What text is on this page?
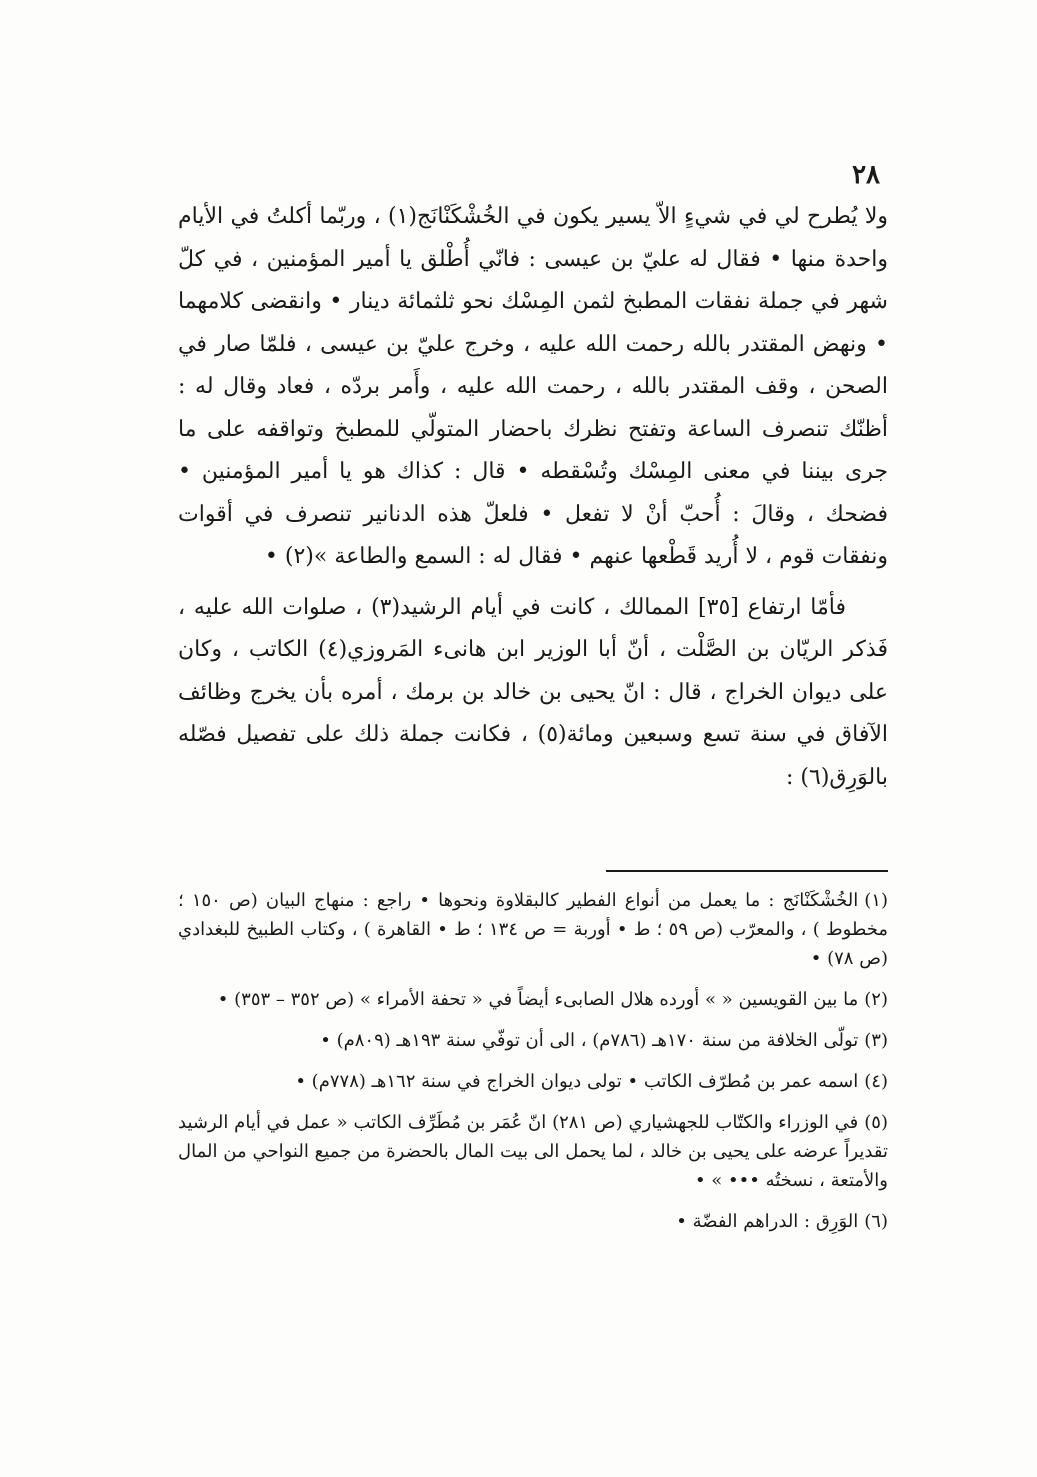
٢٨

ولا يُطرح لي في شيءٍ الاّ يسير يكون في الخُشْكَنْانَج(١) ، وربّما أكلتُ في الأيام واحدة منها • فقال له عليّ بن عيسى : فانّي أُطْلق يا أمير المؤمنين ، في كلّ شهر في جملة نفقات المطبخ لثمن المِسْك نحو ثلثمائة دينار • وانقضى كلامهما • ونهض المقتدر بالله رحمت الله عليه ، وخرج عليّ بن عيسى ، فلمّا صار في الصحن ، وقف المقتدر بالله ، رحمت الله عليه ، وأَمر بردّه ، فعاد وقال له : أظنّك تنصرف الساعة وتفتح نظرك باحضار المتولّي للمطبخ وتواقفه على ما جرى بيننا في معنى المِسْك وتُسْقطه • قال : كذاك هو يا أمير المؤمنين • فضحك ، وقالَ : أُحبّ أنْ لا تفعل • فلعلّ هذه الدنانير تنصرف في أقوات ونفقات قوم ، لا أُريد قَطْعها عنهم • فقال له : السمع والطاعة »(٢) •

فأمّا ارتفاع [٣٥] الممالك ، كانت في أيام الرشيد(٣) ، صلوات الله عليه ، فَذكر الريّان بن الصَّلْت ، أنّ أبا الوزير ابن هانىء المَروزي(٤) الكاتب ، وكان على ديوان الخراج ، قال : انّ يحيى بن خالد بن برمك ، أمره بأن يخرج وظائف الآفاق في سنة تسع وسبعين ومائة(٥) ، فكانت جملة ذلك على تفصيل فصّله بالوَرِق(٦) :

(١)الخُشْكَنْانَج : ما يعمل من أنواع الفطير كالبقلاوة ونحوها • راجع : منهاج البيان (ص ١٥٠ ؛ مخطوط ) ، والمعرّب (ص ٥٩ ؛ ط • أوربة = ص ١٣٤ ؛ ط • القاهرة ) ، وكتاب الطبيخ للبغدادي (ص ٧٨) •

(٢)ما بين القويسين « » أورده هلال الصابىء أيضاً في « تحفة الأمراء » (ص ٣٥٢ – ٣٥٣) •

(٣)تولّى الخلافة من سنة ١٧٠هـ (٧٨٦م) ، الى أن توفّي سنة ١٩٣هـ (٨٠٩م) •

(٤)اسمه عمر بن مُطرّف الكاتب • تولى ديوان الخراج في سنة ١٦٢هـ (٧٧٨م) •

(٥)في الوزراء والكتّاب للجهشياري (ص ٢٨١) انّ عُمَر بن مُطَرِّف الكاتب « عمل في أيام الرشيد تقديراً عرضه على يحيى بن خالد ، لما يحمل الى بيت المال بالحضرة من جميع النواحي من المال والأمتعة ، نسختُه ••• » •

(٦)الوَرِق : الدراهم الفضّة •
